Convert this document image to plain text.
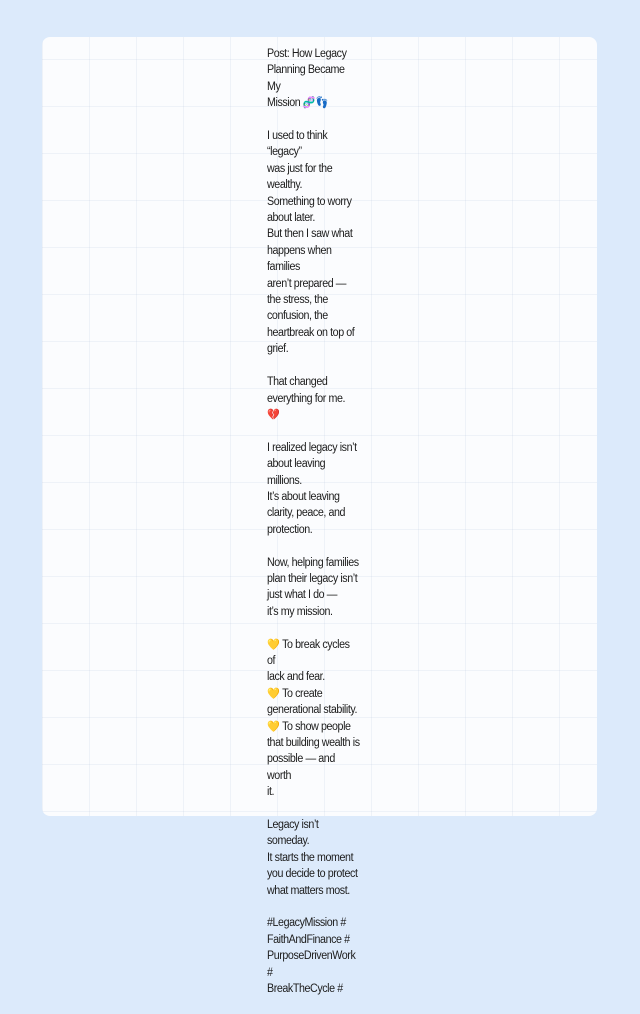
Post: How Legacy
Planning Became My
Mission 🧬👣

I used to think “legacy”
was just for the
wealthy.
Something to worry
about later.
But then I saw what
happens when families
aren’t prepared —
the stress, the
confusion, the
heartbreak on top of
grief.

That changed
everything for me. 💔

I realized legacy isn’t
about leaving millions.
It’s about leaving
clarity, peace, and
protection.

Now, helping families
plan their legacy isn’t
just what I do —
it’s my mission.

💛 To break cycles of
lack and fear.
💛 To create
generational stability.
💛 To show people
that building wealth is
possible — and worth
it.

Legacy isn’t someday.
It starts the moment
you decide to protect
what matters most.

#LegacyMission #
FaithAndFinance #
PurposeDrivenWork #
BreakTheCycle #
